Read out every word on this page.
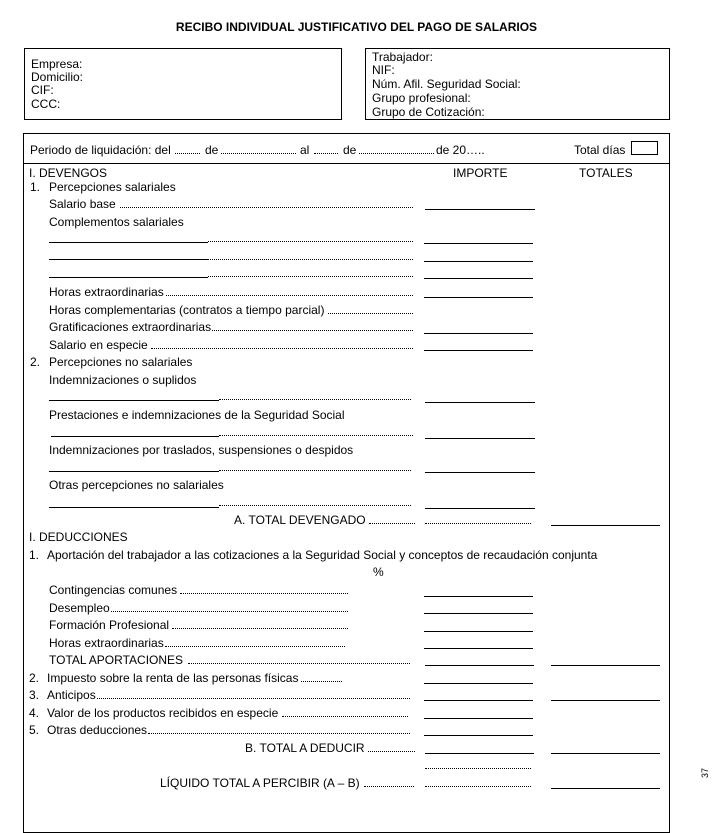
RECIBO INDIVIDUAL JUSTIFICATIVO DEL PAGO DE SALARIOS
Empresa:
Domicilio:
CIF:
CCC:
Trabajador:
NIF:
Núm. Afil. Seguridad Social:
Grupo profesional:
Grupo de Cotización:
Periodo de liquidación: del	de	al	de	de 20…..	Total días
I. DEVENGOS	IMPORTE	TOTALES
1. Percepciones salariales
Salario base
Complementos salariales
Horas extraordinarias
Horas complementarias (contratos a tiempo parcial)
Gratificaciones extraordinarias
Salario en especie
2. Percepciones no salariales
Indemnizaciones o suplidos
Prestaciones e indemnizaciones de la Seguridad Social
Indemnizaciones por traslados, suspensiones o despidos
Otras percepciones no salariales
A. TOTAL DEVENGADO
I. DEDUCCIONES
1. Aportación del trabajador a las cotizaciones a la Seguridad Social y conceptos de recaudación conjunta
%
Contingencias comunes
Desempleo
Formación Profesional
Horas extraordinarias
TOTAL APORTACIONES
2. Impuesto sobre la renta de las personas físicas
3. Anticipos
4. Valor de los productos recibidos en especie
5. Otras deducciones
B. TOTAL A DEDUCIR
LÍQUIDO TOTAL A PERCIBIR (A – B)
37
